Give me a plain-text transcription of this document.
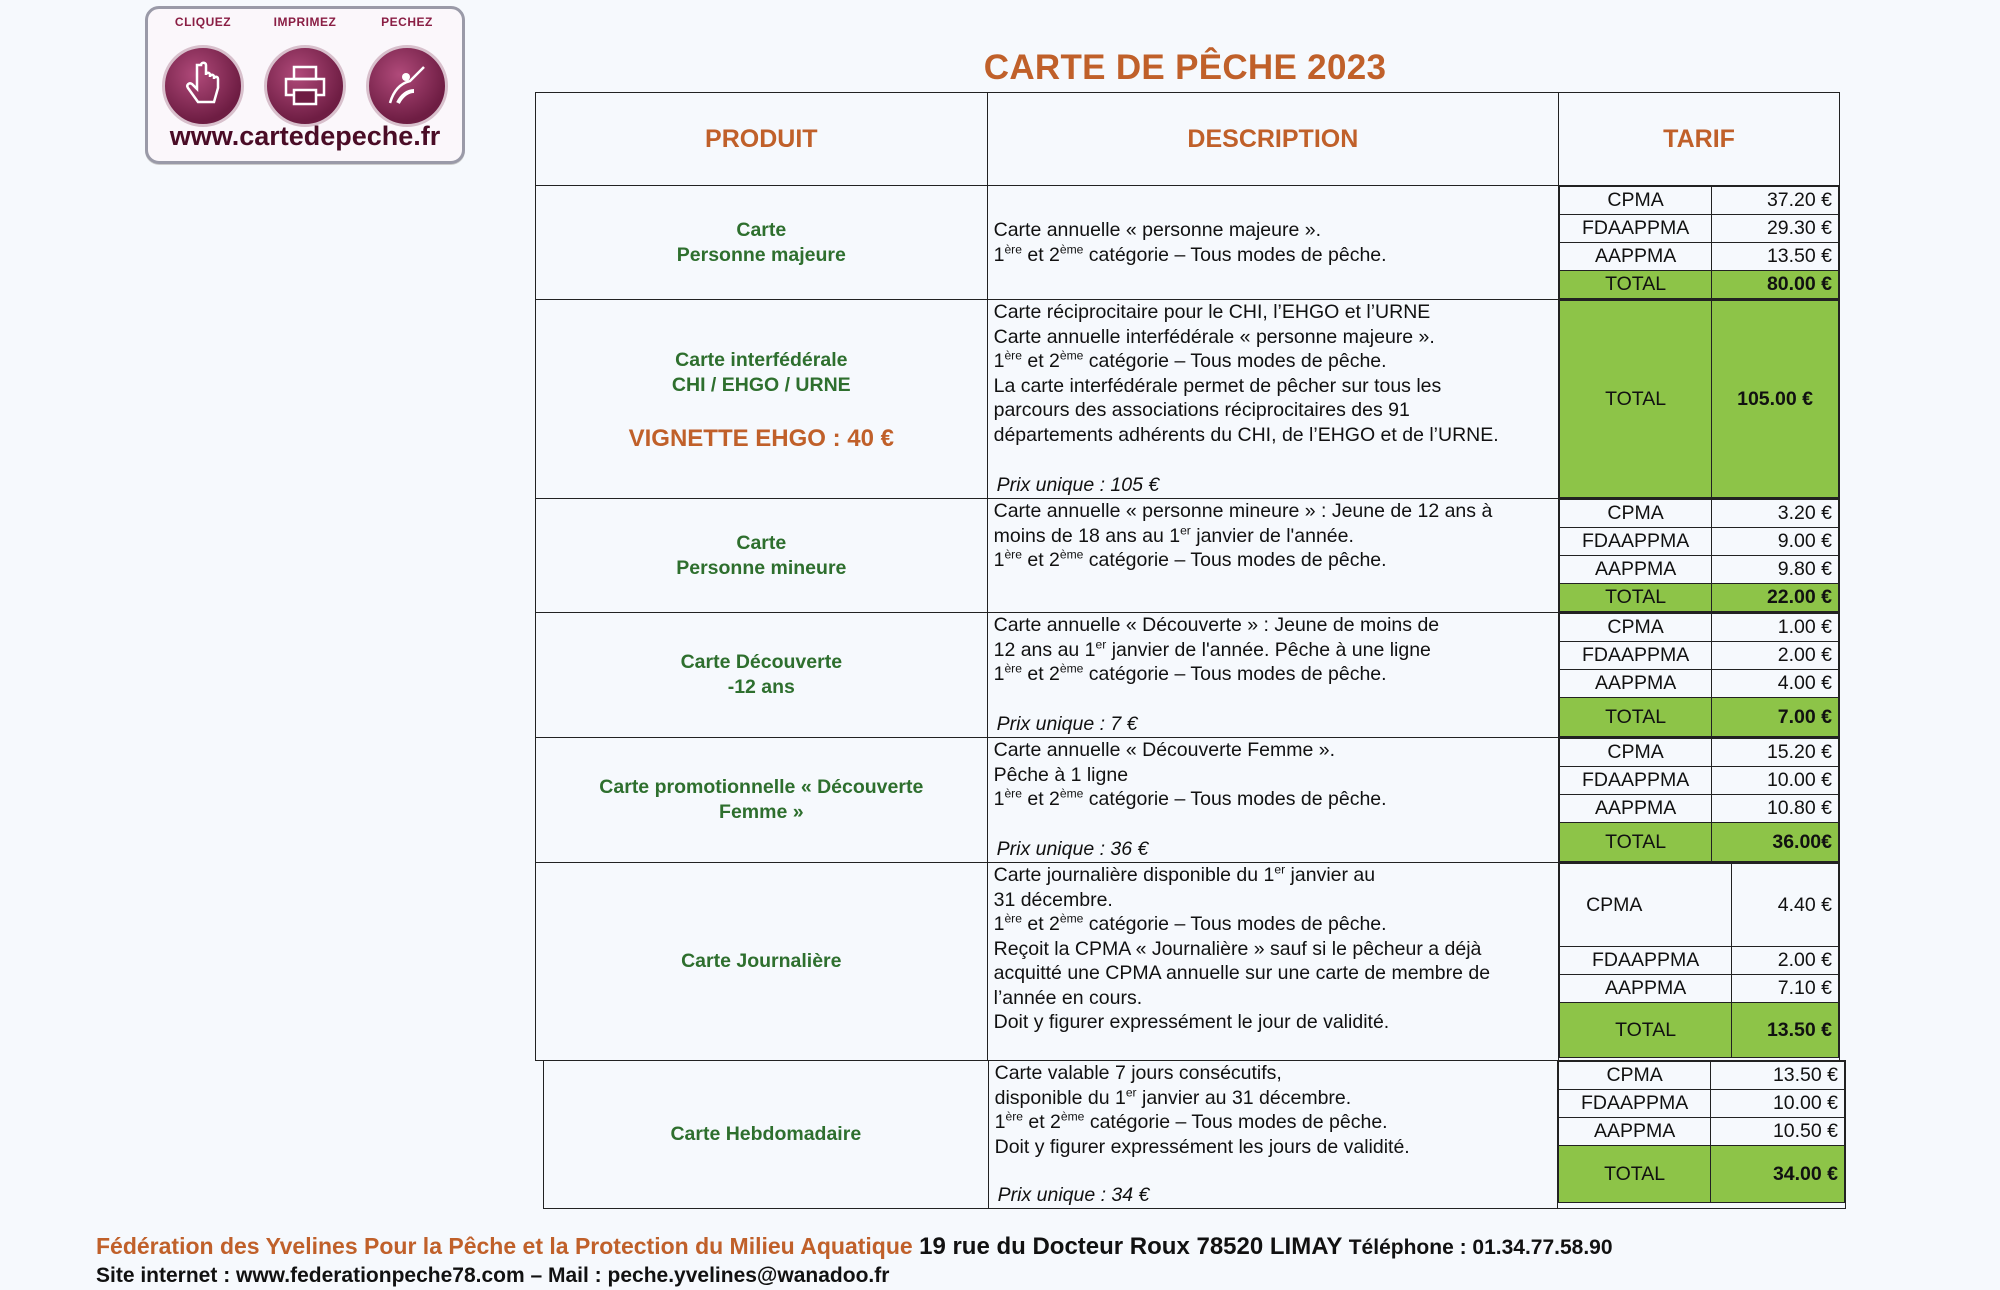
CLIQUEZ	IMPRIMEZ	PECHEZ
www.cartedepeche.fr
CARTE DE PÊCHE 2023
PRODUIT	DESCRIPTION	TARIF

Carte
Personne majeure

Carte annuelle « personne majeure ».
1ère et 2ème catégorie – Tous modes de pêche.

CPMA	37.20 €
FDAAPPMA	29.30 €
AAPPMA	13.50 €
TOTAL	80.00 €

Carte interfédérale
CHI / EHGO / URNE
VIGNETTE EHGO : 40 €

Carte réciprocitaire pour le CHI, l’EHGO et l’URNE
Carte annuelle interfédérale « personne majeure ».
1ère et 2ème catégorie – Tous modes de pêche.
La carte interfédérale permet de pêcher sur tous les
parcours des associations réciprocitaires des 91
départements adhérents du CHI, de l’EHGO et de l’URNE.
Prix unique : 105 €

TOTAL	105.00 €

Carte
Personne mineure

Carte annuelle « personne mineure » : Jeune de 12 ans à
moins de 18 ans au 1er janvier de l'année.
1ère et 2ème catégorie – Tous modes de pêche.

CPMA	3.20 €
FDAAPPMA	9.00 €
AAPPMA	9.80 €
TOTAL	22.00 €

Carte Découverte
-12 ans

Carte annuelle « Découverte » : Jeune de moins de
12 ans au 1er janvier de l'année. Pêche à une ligne
1ère et 2ème catégorie – Tous modes de pêche.
Prix unique : 7 €

CPMA	1.00 €
FDAAPPMA	2.00 €
AAPPMA	4.00 €
TOTAL	7.00 €

Carte promotionnelle « Découverte
Femme »

Carte annuelle « Découverte Femme ».
Pêche à 1 ligne
1ère et 2ème catégorie – Tous modes de pêche.
Prix unique : 36 €

CPMA	15.20 €
FDAAPPMA	10.00 €
AAPPMA	10.80 €
TOTAL	36.00€

Carte Journalière

Carte journalière disponible du 1er janvier au
31 décembre.
1ère et 2ème catégorie – Tous modes de pêche.
Reçoit la CPMA « Journalière » sauf si le pêcheur a déjà
acquitté une CPMA annuelle sur une carte de membre de
l’année en cours.
Doit y figurer expressément le jour de validité.

CPMA	4.40 €
FDAAPPMA	2.00 €
AAPPMA	7.10 €
TOTAL	13.50 €
Carte Hebdomadaire

Carte valable 7 jours consécutifs,
disponible du 1er janvier au 31 décembre.
1ère et 2ème catégorie – Tous modes de pêche.
Doit y figurer expressément les jours de validité.
Prix unique : 34 €

CPMA	13.50 €
FDAAPPMA	10.00 €
AAPPMA	10.50 €
TOTAL	34.00 €
Fédération des Yvelines Pour la Pêche et la Protection du Milieu Aquatique 19 rue du Docteur Roux 78520 LIMAY Téléphone : 01.34.77.58.90
Site internet : www.federationpeche78.com – Mail : peche.yvelines@wanadoo.fr
